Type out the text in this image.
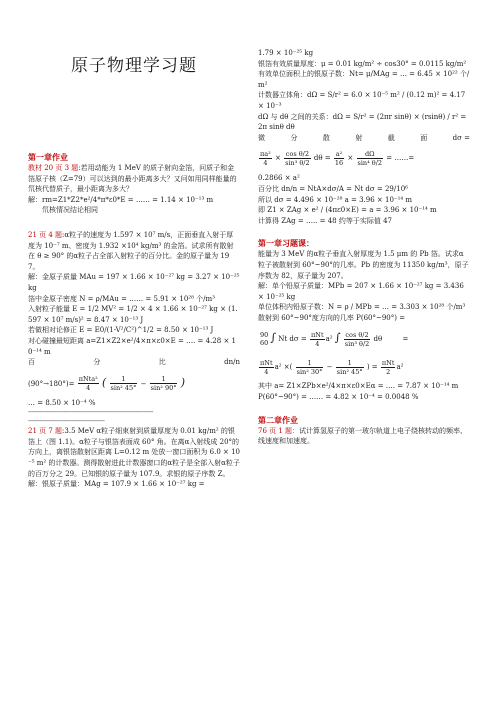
原子物理学习题
第一章作业

教材 20 页 3 题:若用动能为 1 MeV 的质子射向金箔，问质子和金箔原子核（Z=79）可以达到的最小距离多大？又问如用同样能量的氘核代替质子，最小距离为多大？

解：rm=Z1*Z2*e²/4*π*ε0*E = …… = 1.14 × 10⁻¹³ m

氘核情况结论相同

21 页 4 题:α粒子的速度为 1.597 × 10⁷ m/s，正面垂直入射于厚度为 10⁻⁷ m、密度为 1.932 ×10⁴ kg/m³ 的金箔。试求所有散射在 θ ≥ 90° 的α粒子占全部入射粒子的百分比。金的原子量为 197。

解：金原子质量 MAu = 197 × 1.66 × 10⁻²⁷ kg = 3.27 × 10⁻²⁵ kg

箔中金原子密度 N = ρ/MAu = …… = 5.91 × 10²⁸ 个/m³

入射粒子能量 E = 1/2 MV² = 1/2 × 4 × 1.66 × 10⁻²⁷ kg × (1.597 × 10⁷ m/s)² = 8.47 × 10⁻¹³ J

若做相对论修正 E = E0/(1-V²/C²)^1/2 = 8.50 × 10⁻¹³ J

对心碰撞最短距离 a=Z1×Z2×e²/4×π×ε0×E = …. = 4.28 × 10⁻¹⁴ m

百	分	比	dn/n

$(90^\circ\to 180^\circ)= \frac{\text{πNta²}}{4}$ ( $\frac{1}{\text{sin² 45°}} - \frac{1}{\text{sin² 90°}}$ )

… = 8.50 × 10⁻⁴ %

-------------------------------------------------------------------
-----------------------------------------

21 页 7 题:3.5 MeV α粒子细束射到质量厚度为 0.01 kg/m² 的银箔上（图 1.1)。α粒子与银箔表面成 60° 角。在离α入射线成 20°的方向上，离银箔散射区距离 L=0.12 m 处放一窗口面积为 6.0 × 10⁻⁵ m² 的计数器。测得散射进此计数器窗口的α粒子是全部入射α粒子的百万分之 29。已知银的原子量为 107.9。求银的原子序数 Z。

解：银原子质量：MAg = 107.9 × 1.66 × 10⁻²⁷ kg =

1.79 × 10⁻²⁵ kg

银箔有效质量厚度：μ = 0.01 kg/m² ÷ cos30° = 0.0115 kg/m²

有效单位面积上的银原子数：Nt= μ/MAg = … = 6.45 × 10²² 个/m²

计数器立体角：dΩ = S/r² = 6.0 × 10⁻⁵ m² / (0.12 m)² = 4.17 × 10⁻³

dΩ 与 dθ 之间的关系：dΩ = S/r² = (2πr sinθ) × (rsinθ) / r² = 2π sinθ dθ

微	分	散	射	截	面	dσ =

$\frac{\text{πa²}}{4} \times \frac{\text{cos θ/2}}{\text{sin³ θ/2}}$ $d\theta = \frac{\text{a²}}{16} \times \frac{d\Omega}{\text{sin⁴ θ/2}}$ = ……=

0.2866 × a²

百分比 dn/n = NtA×dσ/A = Nt dσ = 29/10⁶

所以 dσ = 4.496 × 10⁻²⁸ a = 3.96 × 10⁻¹⁴ m

即 Z1 × ZAg × e² / (4πε0×E) = a = 3.96 × 10⁻¹⁴ m

计算得 ZAg = ….. = 48 约等于实际值 47

第一章习题课：

能量为 3 MeV 的α粒子垂直入射厚度为 1.5 μm 的 Pb 箔。试求α粒子被散射到 60°~90°的几率。Pb 的密度为 11350 kg/m³，原子序数为 82，原子量为 207。

解：单个铅原子质量：MPb = 207 × 1.66 × 10⁻²⁷ kg = 3.436 × 10⁻²⁵ kg

单位体积内铅原子数：N = ρ / MPb = … = 3.303 × 10²⁸ 个/m³

散射到 60°~90°度方向的几率 P(60°~90°) =

90
60 ∫ Nt $d\sigma = \frac{\text{πNt}}{4} a^2$ ∫ $\frac{\text{cos θ/2}}{\text{sin³ θ/2}}$ dθ	=
$\frac{\text{πNt}}{4} a^2$ ×( $\frac{1}{\text{sin² 30°}} - \frac{1}{\text{sin² 45°}}$ ) = $\frac{\text{πNt}}{2} a^2$

其中 a= Z1×ZPb×e²/4×π×ε0×Eα = …. = 7.87 × 10⁻¹⁴ m

P(60°~90°) = …… = 4.82 × 10⁻⁴ = 0.0048 %

第二章作业

76 页 1 题：试计算氢原子的第一玻尔轨道上电子绕核转动的频率、线速度和加速度。
